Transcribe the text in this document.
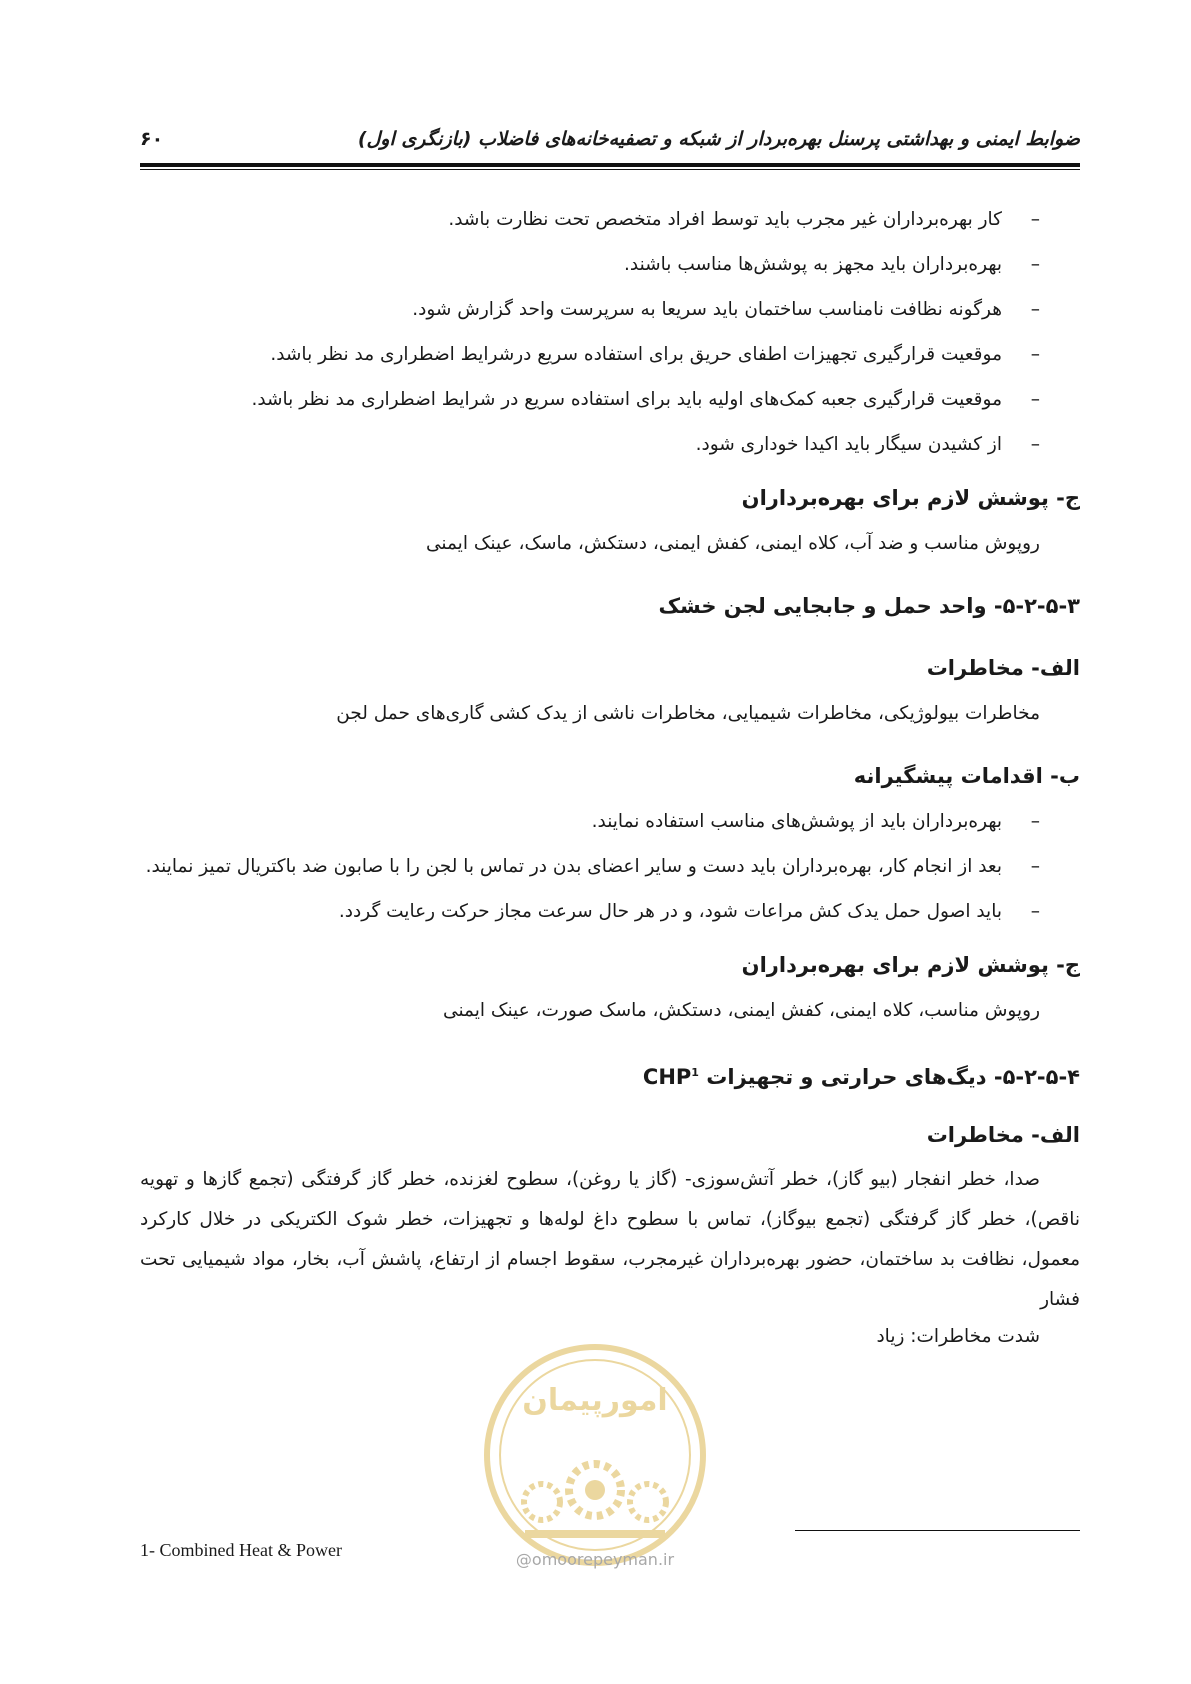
ضوابط ایمنی و بهداشتی پرسنل بهره‌بردار از شبکه و تصفیه‌خانه‌های فاضلاب (بازنگری اول)
۶۰
–
کار بهره‌برداران غیر مجرب باید توسط افراد متخصص تحت نظارت باشد.
–
بهره‌برداران باید مجهز به پوشش‌ها مناسب باشند.
–
هرگونه نظافت نامناسب ساختمان باید سریعا به سرپرست واحد گزارش شود.
–
موقعیت قرارگیری تجهیزات اطفای حریق برای استفاده سریع درشرایط اضطراری مد نظر باشد.
–
موقعیت قرارگیری جعبه کمک‌های اولیه باید برای استفاده سریع در شرایط اضطراری مد نظر باشد.
–
از کشیدن سیگار باید اکیدا خوداری شود.
ج- پوشش لازم برای بهره‌برداران

روپوش مناسب و ضد آب، کلاه ایمنی، کفش ایمنی، دستکش، ماسک، عینک ایمنی

۵-۲-۵-۳- واحد حمل و جابجایی لجن خشک
الف- مخاطرات

مخاطرات بیولوژیکی، مخاطرات شیمیایی، مخاطرات ناشی از یدک کشی گاری‌های حمل لجن

ب- اقدامات پیشگیرانه
–
بهره‌برداران باید از پوشش‌های مناسب استفاده نمایند.
–
بعد از انجام کار، بهره‌برداران باید دست و سایر اعضای بدن در تماس با لجن را با صابون ضد باکتریال تمیز نمایند.
–
باید اصول حمل یدک کش مراعات شود، و در هر حال سرعت مجاز حرکت رعایت گردد.
ج- پوشش لازم برای بهره‌برداران

روپوش مناسب، کلاه ایمنی، کفش ایمنی، دستکش، ماسک صورت، عینک ایمنی

۵-۲-۵-۴- دیگ‌های حرارتی و تجهیزات CHP$^1$
الف- مخاطرات

صدا، خطر انفجار (بیو گاز)، خطر آتش‌سوزی- (گاز یا روغن)، سطوح لغزنده، خطر گاز گرفتگی (تجمع گازها و تهویه ناقص)، خطر گاز گرفتگی (تجمع بیوگاز)، تماس با سطوح داغ لوله‌ها و تجهیزات، خطر شوک الکتریکی در خلال کارکرد معمول، نظافت بد ساختمان، حضور بهره‌برداران غیرمجرب، سقوط اجسام از ارتفاع، پاشش آب، بخار، مواد شیمیایی تحت فشار

شدت مخاطرات: زیاد

امورپیمان
@omoorepeyman.ir
1- Combined Heat & Power
